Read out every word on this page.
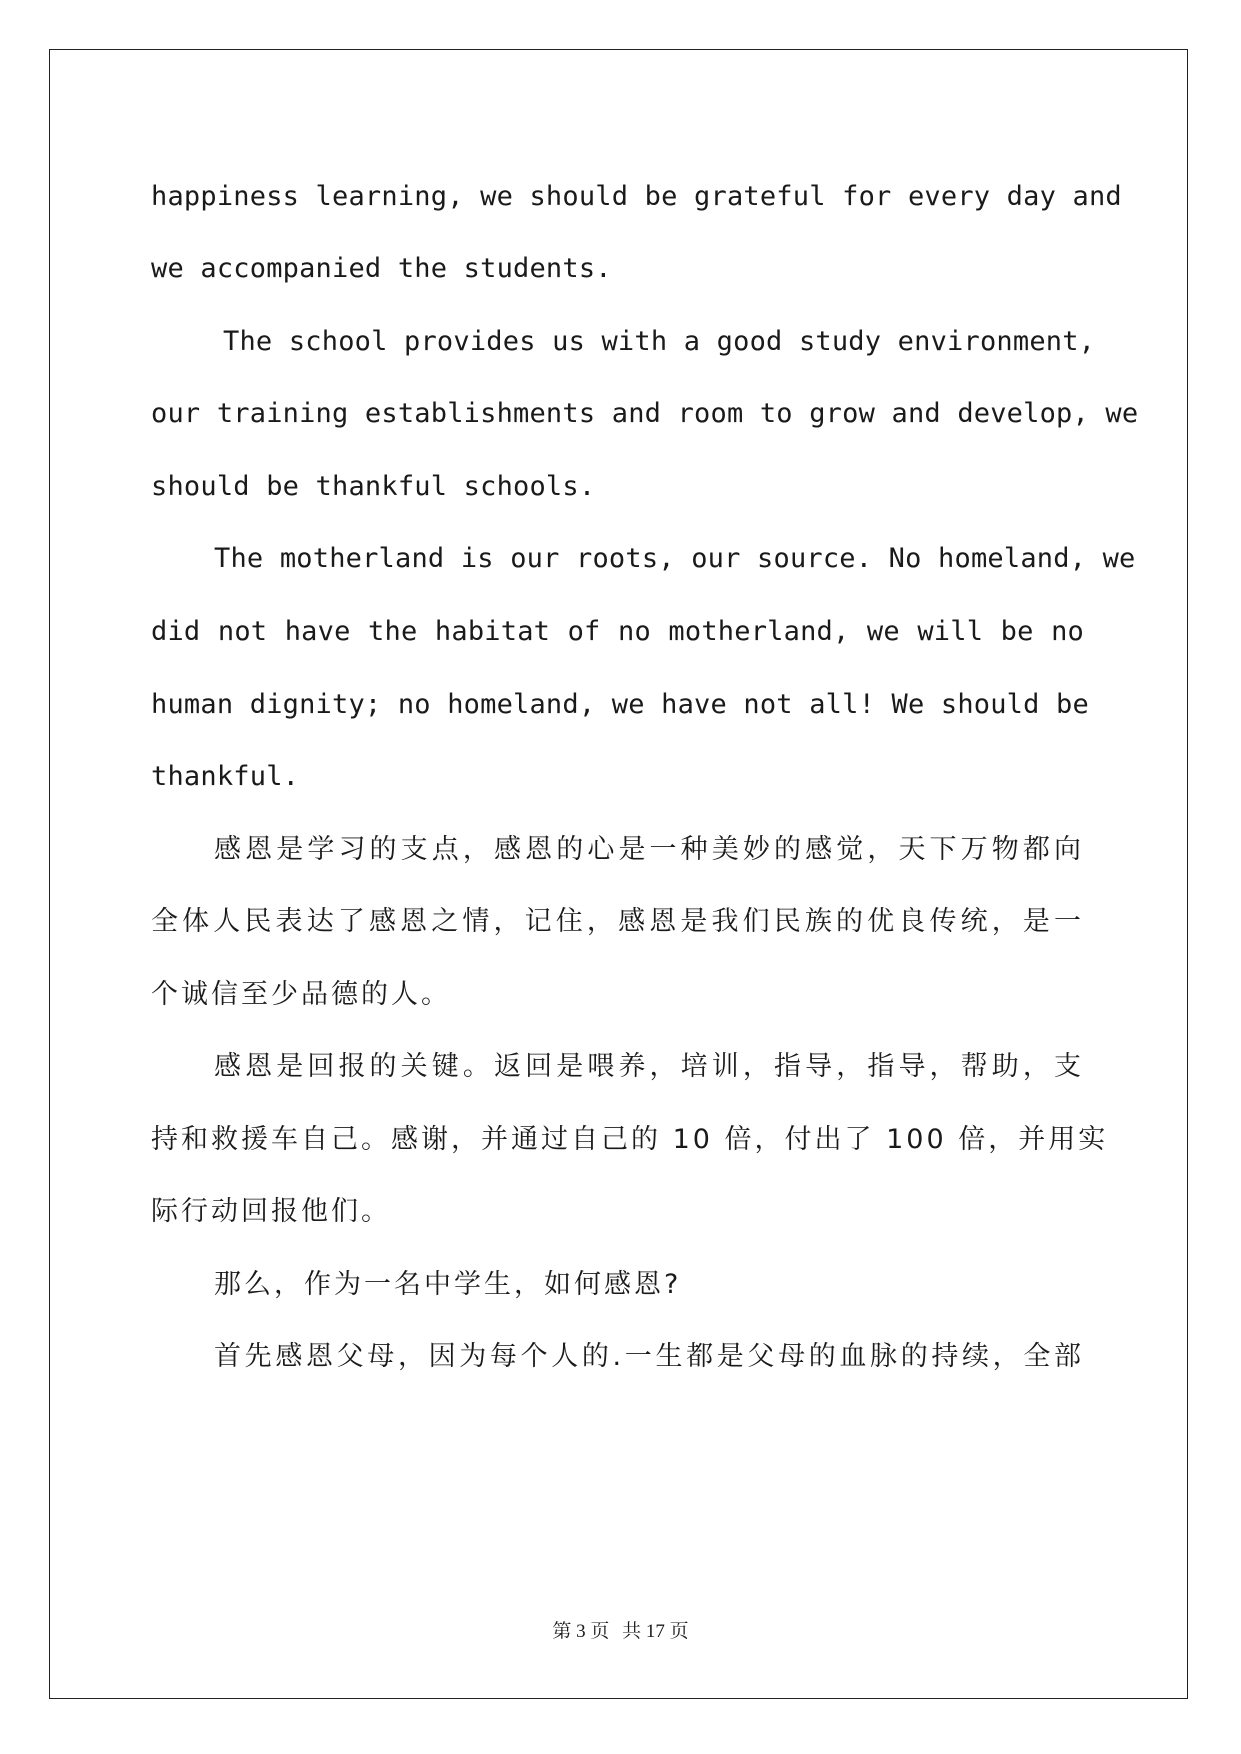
happiness learning, we should be grateful for every day and
we accompanied the students.
The school provides us with a good study environment,
our training establishments and room to grow and develop, we
should be thankful schools.
The motherland is our roots, our source. No homeland, we
did not have the habitat of no motherland, we will be no
human dignity; no homeland, we have not all! We should be
thankful.
感恩是学习的支点，感恩的心是一种美妙的感觉，天下万物都向
全体人民表达了感恩之情，记住，感恩是我们民族的优良传统，是一
个诚信至少品德的人。
感恩是回报的关键。返回是喂养，培训，指导，指导，帮助，支
持和救援车自己。感谢，并通过自己的 10 倍，付出了 100 倍，并用实
际行动回报他们。
那么，作为一名中学生，如何感恩?
首先感恩父母，因为每个人的.一生都是父母的血脉的持续，全部
第 3 页 共 17 页
